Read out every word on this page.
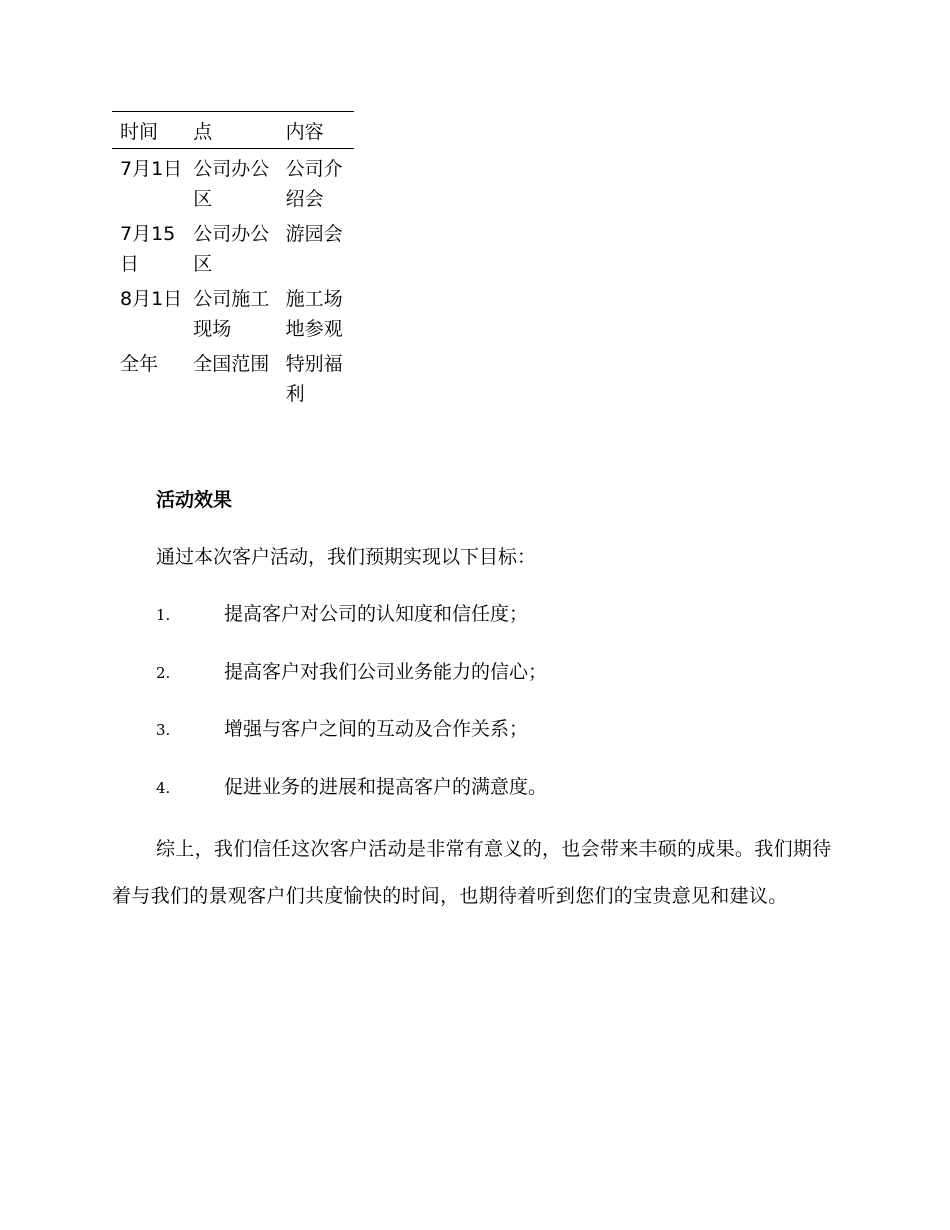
时间	点	内容
7月1日	公司办公区	公司介绍会
7月15日	公司办公区	游园会
8月1日	公司施工现场	施工场地参观
全年	全国范围	特别福利
活动效果
通过本次客户活动，我们预期实现以下目标：
1.	提高客户对公司的认知度和信任度；
2.	提高客户对我们公司业务能力的信心；
3.	增强与客户之间的互动及合作关系；
4.	促进业务的进展和提高客户的满意度。
综上，我们信任这次客户活动是非常有意义的，也会带来丰硕的成果。我们期待着与我们的景观客户们共度愉快的时间，也期待着听到您们的宝贵意见和建议。
